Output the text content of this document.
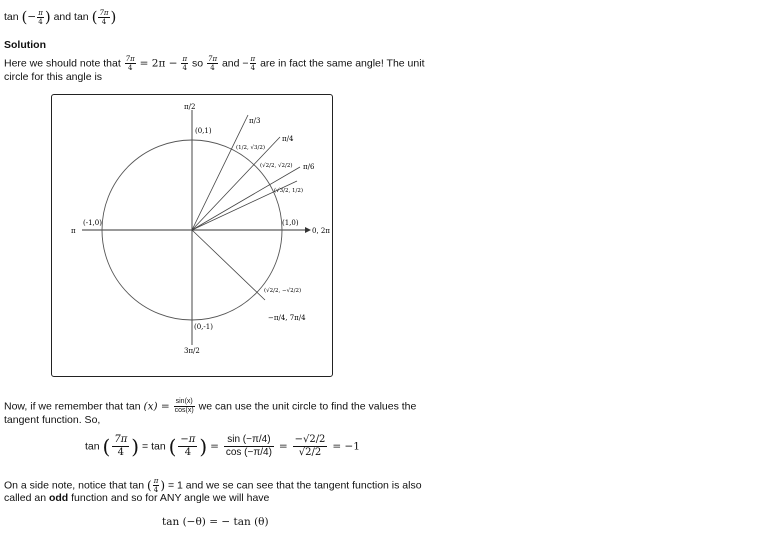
tan (− $\frac{\pi}{4}$ ) and tan ( $\frac{7\pi}{4}$ )
Solution
Here we should note that $\frac{7\pi}{4} = 2\pi - \frac{\pi}{4}$ so $\frac{7\pi}{4}$ and − $\frac{\pi}{4}$ are in fact the same angle! The unit
circle for this angle is
π/2
π/3
π/4
π/6
0, 2π
π
3π/2
−π/4, 7π/4
(0,1)
(1,0)
(-1,0)
(0,-1)
(1/2, √3/2)
(√2/2, √2/2)
(√3/2, 1/2)
(√2/2, −√2/2)
Now, if we remember that $\tan (x) = \frac{\sin(x)}{\cos(x)}$ we can use the unit circle to find the values the
tangent function. So,
tan ( $\frac{7\pi}{4}$ ) = tan ( $\frac{-\pi}{4}$ ) = $\frac{\sin (-\pi/4)}{\cos (-\pi/4)} = \frac{-√2/2}{√2/2} = -1$
On a side note, notice that tan ( $\frac{\pi}{4}$ ) = 1 and we se can see that the tangent function is also
called an odd function and so for ANY angle we will have
tan (−θ) = − tan (θ)
